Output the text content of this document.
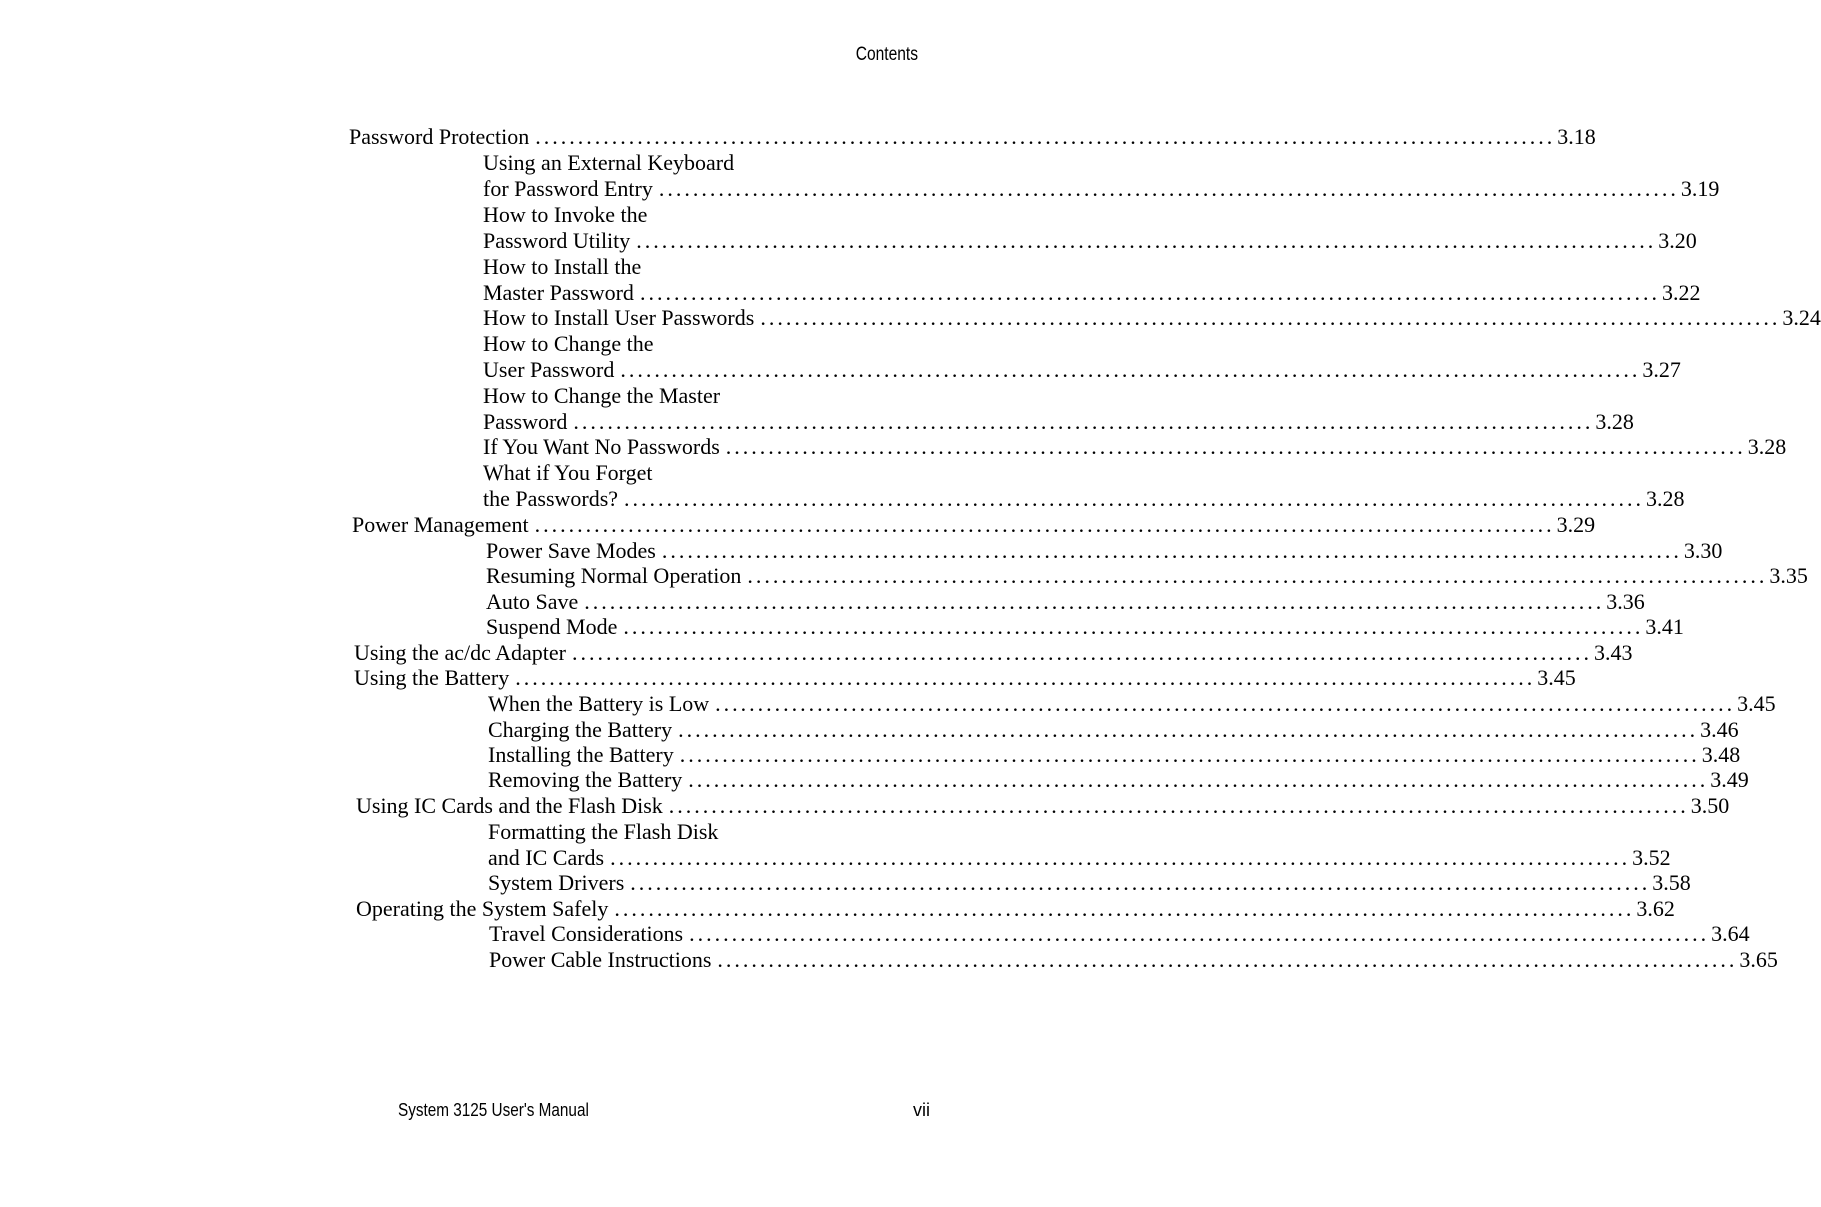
Contents
Password Protection ........................................................................................................................ 3.18
Using an External Keyboard
for Password Entry ........................................................................................................................ 3.19
How to Invoke the
Password Utility ........................................................................................................................ 3.20
How to Install the
Master Password ........................................................................................................................ 3.22
How to Install User Passwords ........................................................................................................................ 3.24
How to Change the
User Password ........................................................................................................................ 3.27
How to Change the Master
Password ........................................................................................................................ 3.28
If You Want No Passwords ........................................................................................................................ 3.28
What if You Forget
the Passwords? ........................................................................................................................ 3.28
Power Management ........................................................................................................................ 3.29
Power Save Modes ........................................................................................................................ 3.30
Resuming Normal Operation ........................................................................................................................ 3.35
Auto Save ........................................................................................................................ 3.36
Suspend Mode ........................................................................................................................ 3.41
Using the ac/dc Adapter ........................................................................................................................ 3.43
Using the Battery ........................................................................................................................ 3.45
When the Battery is Low ........................................................................................................................ 3.45
Charging the Battery ........................................................................................................................ 3.46
Installing the Battery ........................................................................................................................ 3.48
Removing the Battery ........................................................................................................................ 3.49
Using IC Cards and the Flash Disk ........................................................................................................................ 3.50
Formatting the Flash Disk
and IC Cards ........................................................................................................................ 3.52
System Drivers ........................................................................................................................ 3.58
Operating the System Safely ........................................................................................................................ 3.62
Travel Considerations ........................................................................................................................ 3.64
Power Cable Instructions ........................................................................................................................ 3.65
System 3125 User's Manual	vii
